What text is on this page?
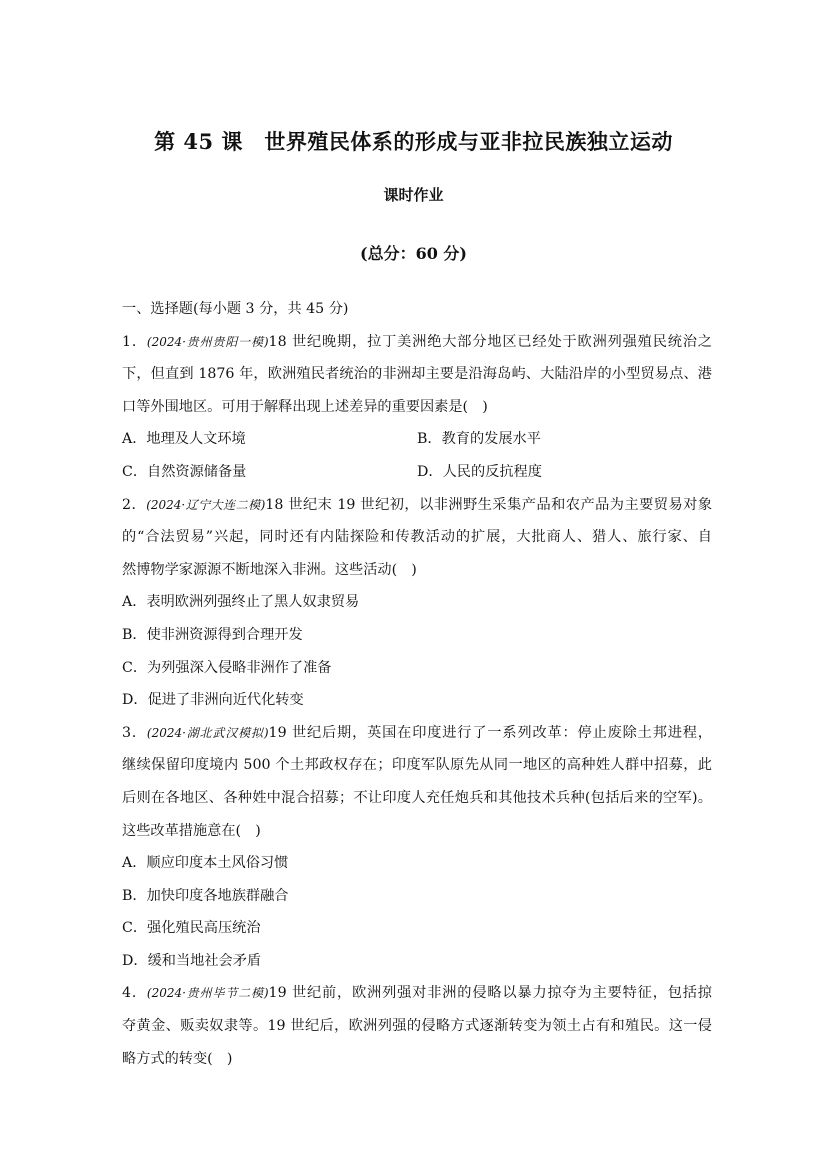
第 45 课　世界殖民体系的形成与亚非拉民族独立运动
课时作业
(总分：60 分)
一、选择题(每小题 3 分，共 45 分)
1．(2024·贵州贵阳一模)18 世纪晚期，拉丁美洲绝大部分地区已经处于欧洲列强殖民统治之
下，但直到 1876 年，欧洲殖民者统治的非洲却主要是沿海岛屿、大陆沿岸的小型贸易点、港
口等外围地区。可用于解释出现上述差异的重要因素是(　)
A．地理及人文环境	B．教育的发展水平
C．自然资源储备量	D．人民的反抗程度
2．(2024·辽宁大连二模)18 世纪末 19 世纪初，以非洲野生采集产品和农产品为主要贸易对象
的“合法贸易”兴起，同时还有内陆探险和传教活动的扩展，大批商人、猎人、旅行家、自
然博物学家源源不断地深入非洲。这些活动(　)
A．表明欧洲列强终止了黑人奴隶贸易
B．使非洲资源得到合理开发
C．为列强深入侵略非洲作了准备
D．促进了非洲向近代化转变
3．(2024·湖北武汉模拟)19 世纪后期，英国在印度进行了一系列改革：停止废除土邦进程，
继续保留印度境内 500 个土邦政权存在；印度军队原先从同一地区的高种姓人群中招募，此
后则在各地区、各种姓中混合招募；不让印度人充任炮兵和其他技术兵种(包括后来的空军)。
这些改革措施意在(　)
A．顺应印度本土风俗习惯
B．加快印度各地族群融合
C．强化殖民高压统治
D．缓和当地社会矛盾
4．(2024·贵州毕节二模)19 世纪前，欧洲列强对非洲的侵略以暴力掠夺为主要特征，包括掠
夺黄金、贩卖奴隶等。19 世纪后，欧洲列强的侵略方式逐渐转变为领土占有和殖民。这一侵
略方式的转变(　)
